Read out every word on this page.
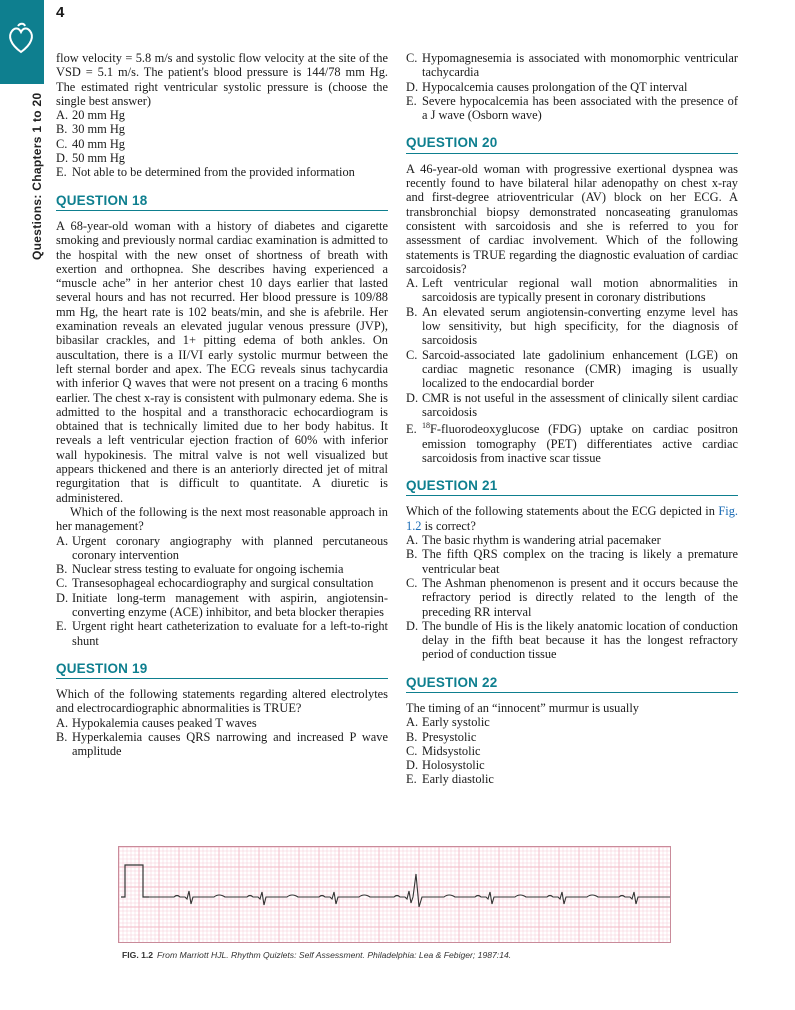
Questions: Chapters 1 to 20
4

flow velocity = 5.8 m/s and systolic flow velocity at the site of the VSD = 5.1 m/s. The patient's blood pressure is 144/78 mm Hg. The estimated right ventricular systolic pressure is (choose the single best answer)

A. 20 mm Hg
B. 30 mm Hg
C. 40 mm Hg
D. 50 mm Hg
E. Not able to be determined from the provided information
QUESTION 18

A 68-year-old woman with a history of diabetes and cigarette smoking and previously normal cardiac examination is admitted to the hospital with the new onset of shortness of breath with exertion and orthopnea. She describes having experienced a “muscle ache” in her anterior chest 10 days earlier that lasted several hours and has not recurred. Her blood pressure is 109/88 mm Hg, the heart rate is 102 beats/min, and she is afebrile. Her examination reveals an elevated jugular venous pressure (JVP), bibasilar crackles, and 1+ pitting edema of both ankles. On auscultation, there is a II/VI early systolic murmur between the left sternal border and apex. The ECG reveals sinus tachycardia with inferior Q waves that were not present on a tracing 6 months earlier. The chest x-ray is consistent with pulmonary edema. She is admitted to the hospital and a transthoracic echocardiogram is obtained that is technically limited due to her body habitus. It reveals a left ventricular ejection fraction of 60% with inferior wall hypokinesis. The mitral valve is not well visualized but appears thickened and there is an anteriorly directed jet of mitral regurgitation that is difficult to quantitate. A diuretic is administered.

Which of the following is the next most reasonable approach in her management?

A. Urgent coronary angiography with planned percutaneous coronary intervention
B. Nuclear stress testing to evaluate for ongoing ischemia
C. Transesophageal echocardiography and surgical consultation
D. Initiate long-term management with aspirin, angiotensin-converting enzyme (ACE) inhibitor, and beta blocker therapies
E. Urgent right heart catheterization to evaluate for a left-to-right shunt
QUESTION 19

Which of the following statements regarding altered electrolytes and electrocardiographic abnormalities is TRUE?

A. Hypokalemia causes peaked T waves
B. Hyperkalemia causes QRS narrowing and increased P wave amplitude
C. Hypomagnesemia is associated with monomorphic ventricular tachycardia
D. Hypocalcemia causes prolongation of the QT interval
E. Severe hypocalcemia has been associated with the presence of a J wave (Osborn wave)
QUESTION 20

A 46-year-old woman with progressive exertional dyspnea was recently found to have bilateral hilar adenopathy on chest x-ray and first-degree atrioventricular (AV) block on her ECG. A transbronchial biopsy demonstrated noncaseating granulomas consistent with sarcoidosis and she is referred to you for assessment of cardiac involvement. Which of the following statements is TRUE regarding the diagnostic evaluation of cardiac sarcoidosis?

A. Left ventricular regional wall motion abnormalities in sarcoidosis are typically present in coronary distributions
B. An elevated serum angiotensin-converting enzyme level has low sensitivity, but high specificity, for the diagnosis of sarcoidosis
C. Sarcoid-associated late gadolinium enhancement (LGE) on cardiac magnetic resonance (CMR) imaging is usually localized to the endocardial border
D. CMR is not useful in the assessment of clinically silent cardiac sarcoidosis
E. $^{18}$F-fluorodeoxyglucose (FDG) uptake on cardiac positron emission tomography (PET) differentiates active cardiac sarcoidosis from inactive scar tissue
QUESTION 21

Which of the following statements about the ECG depicted in Fig. 1.2 is correct?

A. The basic rhythm is wandering atrial pacemaker
B. The fifth QRS complex on the tracing is likely a premature ventricular beat
C. The Ashman phenomenon is present and it occurs because the refractory period is directly related to the length of the preceding RR interval
D. The bundle of His is the likely anatomic location of conduction delay in the fifth beat because it has the longest refractory period of conduction tissue
QUESTION 22

The timing of an “innocent” murmur is usually

A. Early systolic
B. Presystolic
C. Midsystolic
D. Holosystolic
E. Early diastolic
FIG. 1.2 From Marriott HJL. Rhythm Quizlets: Self Assessment. Philadelphia: Lea & Febiger; 1987:14.
